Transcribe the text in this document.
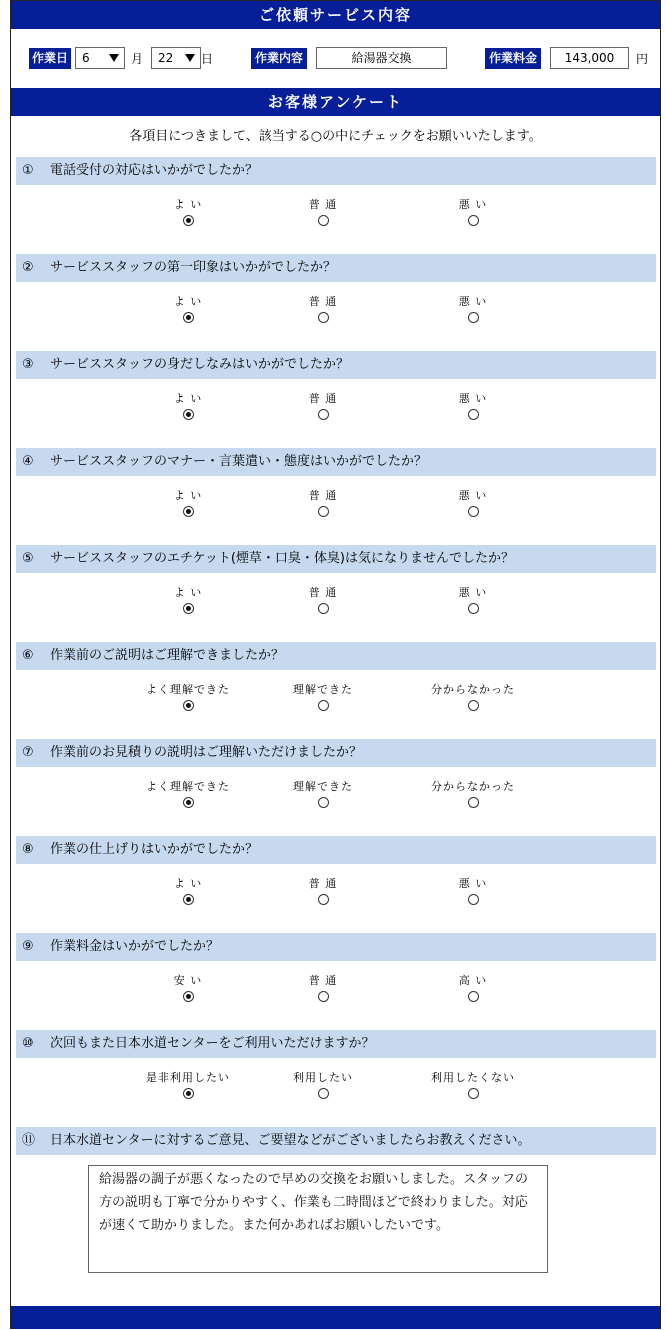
ご依頼サービス内容
作業日	6	月	22	日	作業内容	給湯器交換	作業料金	143,000	円
お客様アンケート
各項目につきまして、該当する○の中にチェックをお願いいたします。
① 電話受付の対応はいかがでしたか？
よ い	普 通	悪 い
② サービススタッフの第一印象はいかがでしたか？
よ い	普 通	悪 い
③ サービススタッフの身だしなみはいかがでしたか？
よ い	普 通	悪 い
④ サービススタッフのマナー・言葉遣い・態度はいかがでしたか？
よ い	普 通	悪 い
⑤ サービススタッフのエチケット(煙草・口臭・体臭)は気になりませんでしたか？
よ い	普 通	悪 い
⑥ 作業前のご説明はご理解できましたか？
よく理解できた	理解できた	分からなかった
⑦ 作業前のお見積りの説明はご理解いただけましたか？
よく理解できた	理解できた	分からなかった
⑧ 作業の仕上げりはいかがでしたか？
よ い	普 通	悪 い
⑨ 作業料金はいかがでしたか？
安 い	普 通	高 い
⑩ 次回もまた日本水道センターをご利用いただけますか？
是非利用したい	利用したい	利用したくない
⑪ 日本水道センターに対するご意見、ご要望などがございましたらお教えください。
給湯器の調子が悪くなったので早めの交換をお願いしました。スタッフの方の説明も丁寧で分かりやすく、作業も二時間ほどで終わりました。対応が速くて助かりました。また何かあればお願いしたいです。
